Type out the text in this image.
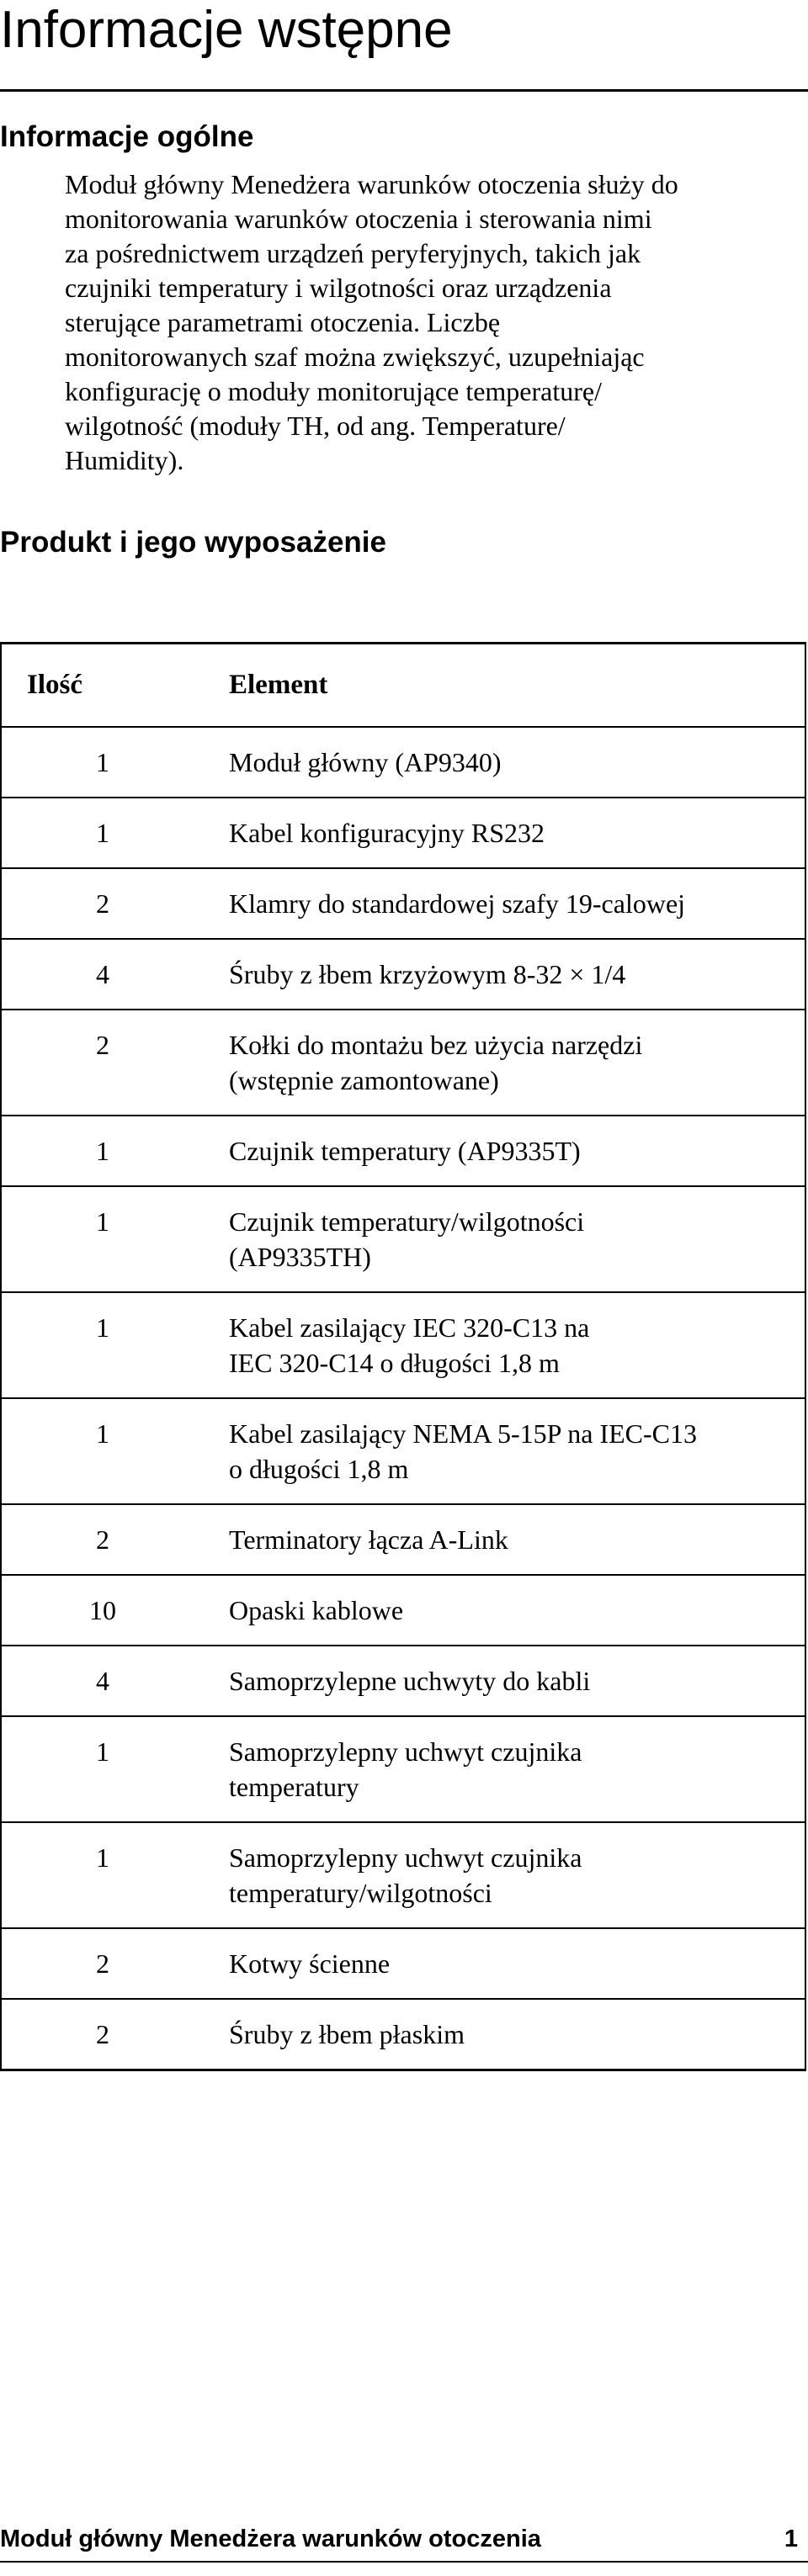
Informacje wstępne
Informacje ogólne
Moduł główny Menedżera warunków otoczenia służy do
monitorowania warunków otoczenia i sterowania nimi
za pośrednictwem urządzeń peryferyjnych, takich jak
czujniki temperatury i wilgotności oraz urządzenia
sterujące parametrami otoczenia. Liczbę
monitorowanych szaf można zwiększyć, uzupełniając
konfigurację o moduły monitorujące temperaturę/
wilgotność (moduły TH, od ang. Temperature/
Humidity).
Produkt i jego wyposażenie
Ilość	Element
1	Moduł główny (AP9340)

1	Kabel konfiguracyjny RS232

2	Klamry do standardowej szafy 19-calowej

4	Śruby z łbem krzyżowym 8-32 × 1/4

2	Kołki do montażu bez użycia narzędzi
(wstępnie zamontowane)

1	Czujnik temperatury (AP9335T)

1	Czujnik temperatury/wilgotności
(AP9335TH)

1	Kabel zasilający IEC 320-C13 na
IEC 320-C14 o długości 1,8 m

1	Kabel zasilający NEMA 5-15P na IEC-C13
o długości 1,8 m

2	Terminatory łącza A-Link

10	Opaski kablowe

4	Samoprzylepne uchwyty do kabli

1	Samoprzylepny uchwyt czujnika
temperatury

1	Samoprzylepny uchwyt czujnika
temperatury/wilgotności

2	Kotwy ścienne

2	Śruby z łbem płaskim
Moduł główny Menedżera warunków otoczenia	1
